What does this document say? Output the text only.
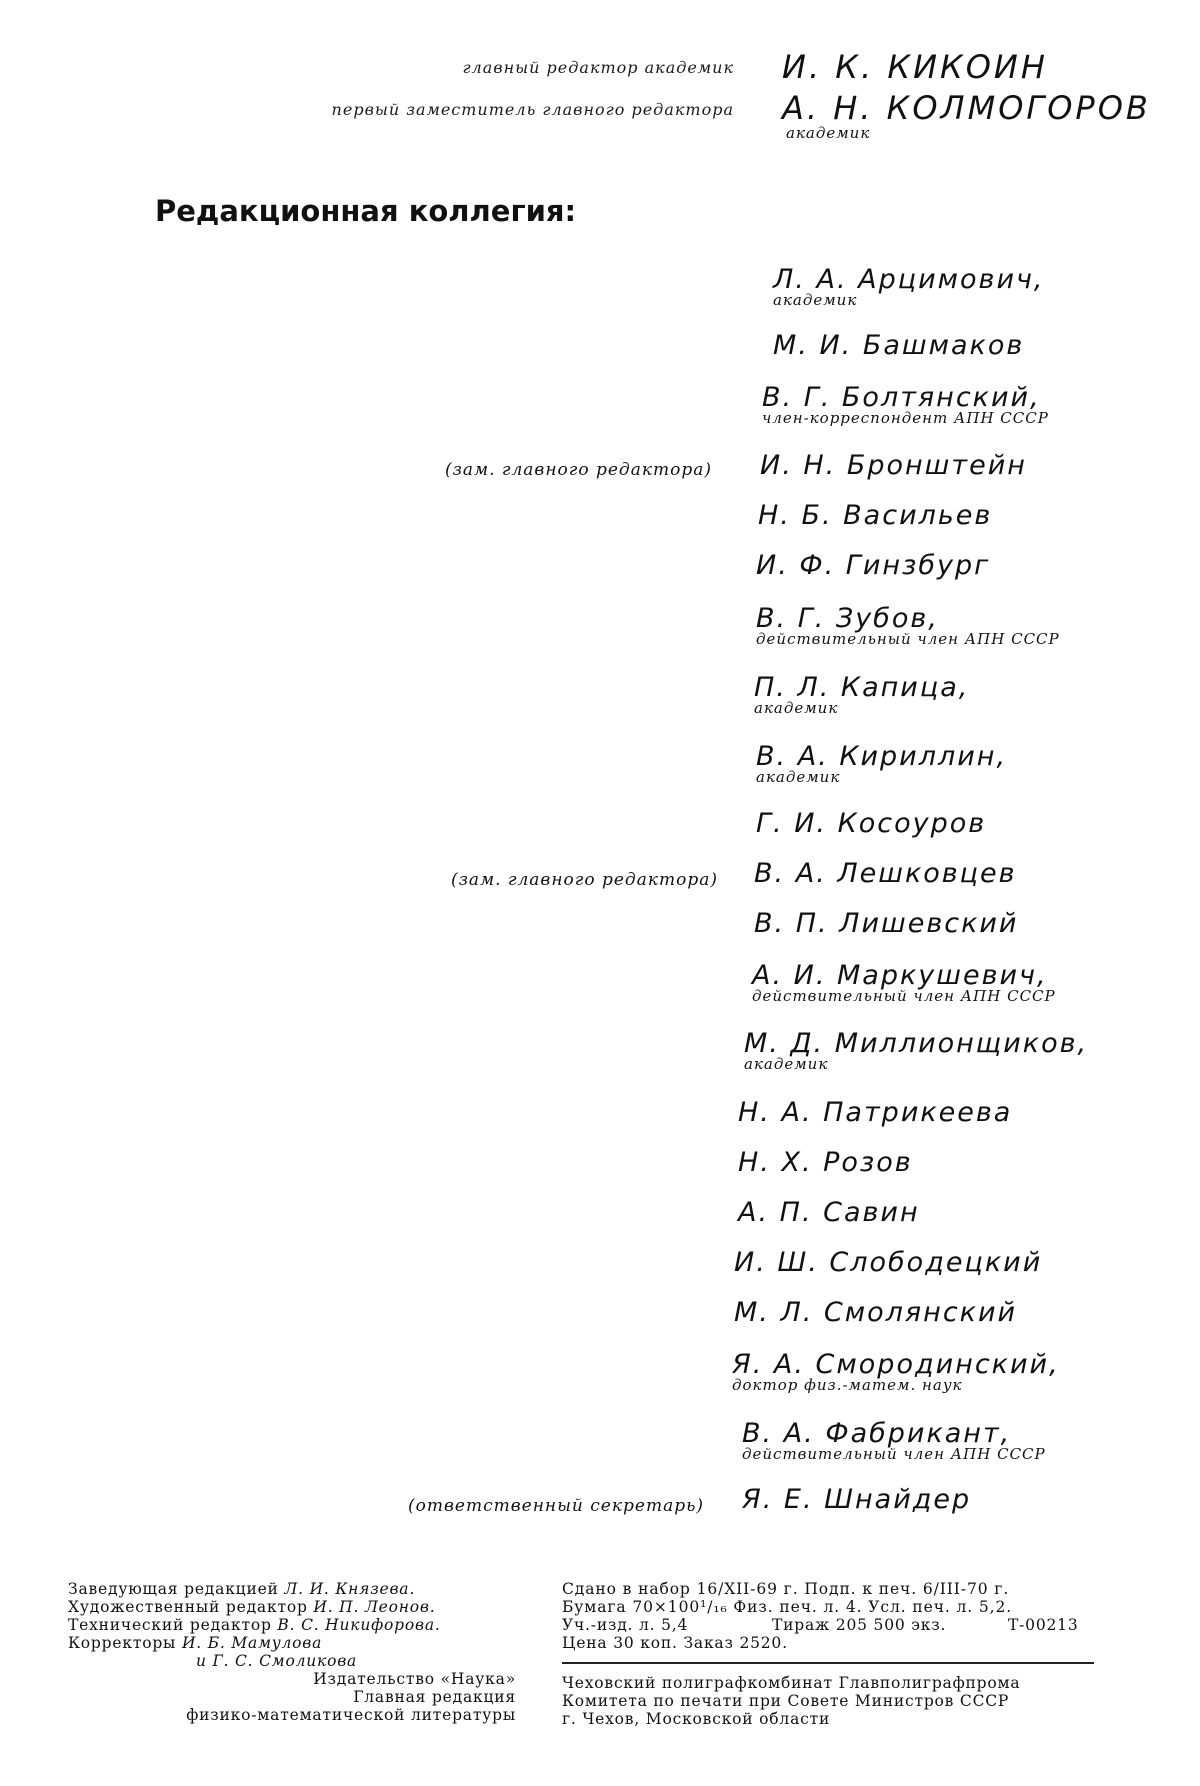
главный редактор академик И. К. КИКОИН
первый заместитель главного редактора А. Н. КОЛМОГОРОВ
академик
Редакционная коллегия:
Л. А. Арцимович,
академик
М. И. Башмаков
В. Г. Болтянский,
член-корреспондент АПН СССР
(зам. главного редактора) И. Н. Бронштейн
Н. Б. Васильев
И. Ф. Гинзбург
В. Г. Зубов,
действительный член АПН СССР
П. Л. Капица,
академик
В. А. Кириллин,
академик
Г. И. Косоуров
(зам. главного редактора) В. А. Лешковцев
В. П. Лишевский
А. И. Маркушевич,
действительный член АПН СССР
М. Д. Миллионщиков,
академик
Н. А. Патрикеева
Н. Х. Розов
А. П. Савин
И. Ш. Слободецкий
М. Л. Смолянский
Я. А. Смородинский,
доктор физ.-матем. наук
В. А. Фабрикант,
действительный член АПН СССР
(ответственный секретарь) Я. Е. Шнайдер
Заведующая редакцией Л. И. Князева.
Художественный редактор И. П. Леонов.
Технический редактор В. С. Никифорова.
Корректоры И. Б. Мамулова
и Г. С. Смоликова
Издательство «Наука»
Главная редакция
физико-математической литературы
Сдано в набор 16/XII-69 г. Подп. к печ. 6/III-70 г.
Бумага 70×100¹/₁₆ Физ. печ. л. 4. Усл. печ. л. 5,2.
Уч.-изд. л. 5,4	Тираж 205 500 экз.	Т-00213
Цена 30 коп. Заказ 2520.
Чеховский полиграфкомбинат Главполиграфпрома
Комитета по печати при Совете Министров СССР
г. Чехов, Московской области
